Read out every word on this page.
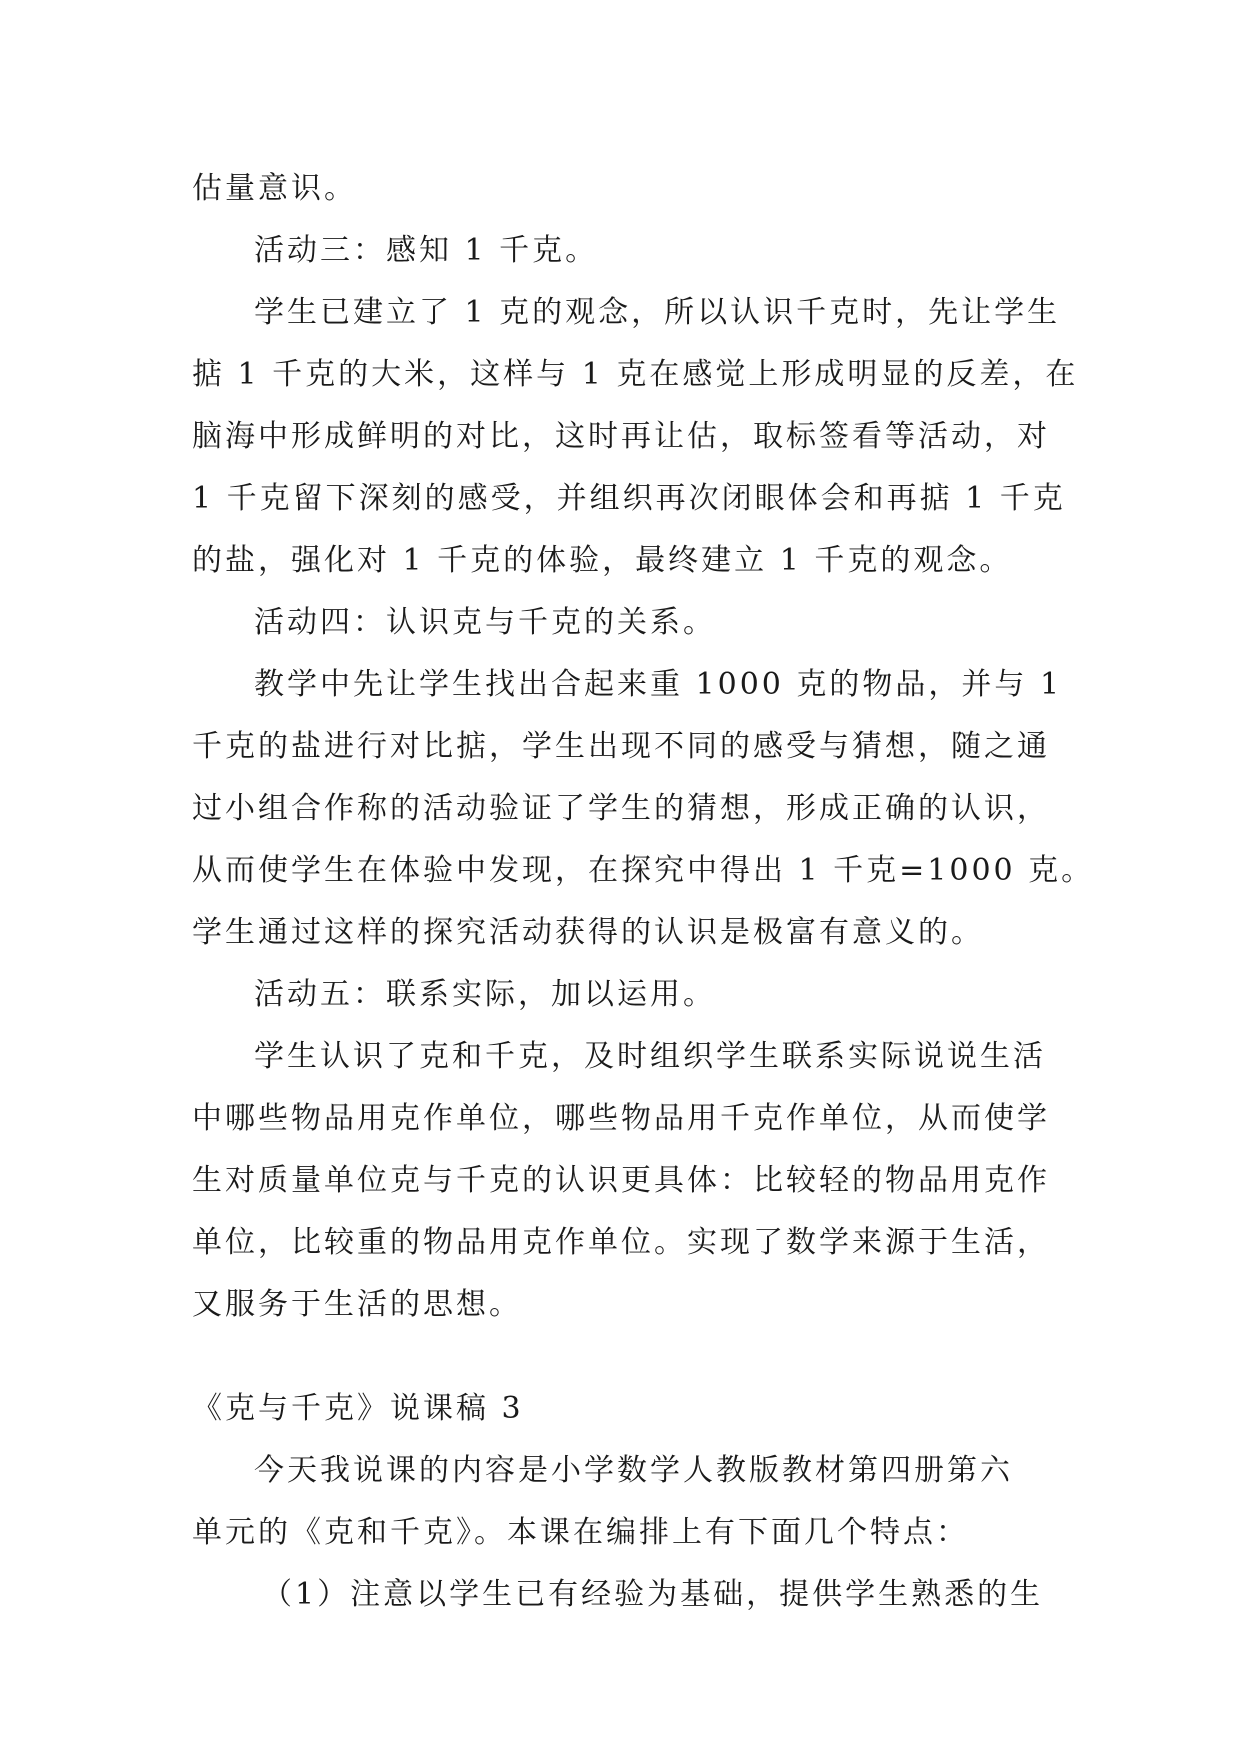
估量意识。
活动三：感知 1 千克。
学生已建立了 1 克的观念，所以认识千克时，先让学生
掂 1 千克的大米，这样与 1 克在感觉上形成明显的反差，在
脑海中形成鲜明的对比，这时再让估，取标签看等活动，对
1 千克留下深刻的感受，并组织再次闭眼体会和再掂 1 千克
的盐，强化对 1 千克的体验，最终建立 1 千克的观念。
活动四：认识克与千克的关系。
教学中先让学生找出合起来重 1000 克的物品，并与 1
千克的盐进行对比掂，学生出现不同的感受与猜想，随之通
过小组合作称的活动验证了学生的猜想，形成正确的认识，
从而使学生在体验中发现，在探究中得出 1 千克=1000 克。
学生通过这样的探究活动获得的认识是极富有意义的。
活动五：联系实际，加以运用。
学生认识了克和千克，及时组织学生联系实际说说生活
中哪些物品用克作单位，哪些物品用千克作单位，从而使学
生对质量单位克与千克的认识更具体：比较轻的物品用克作
单位，比较重的物品用克作单位。实现了数学来源于生活，
又服务于生活的思想。
《克与千克》说课稿 3
今天我说课的内容是小学数学人教版教材第四册第六
单元的《克和千克》。本课在编排上有下面几个特点：
（1）注意以学生已有经验为基础，提供学生熟悉的生
